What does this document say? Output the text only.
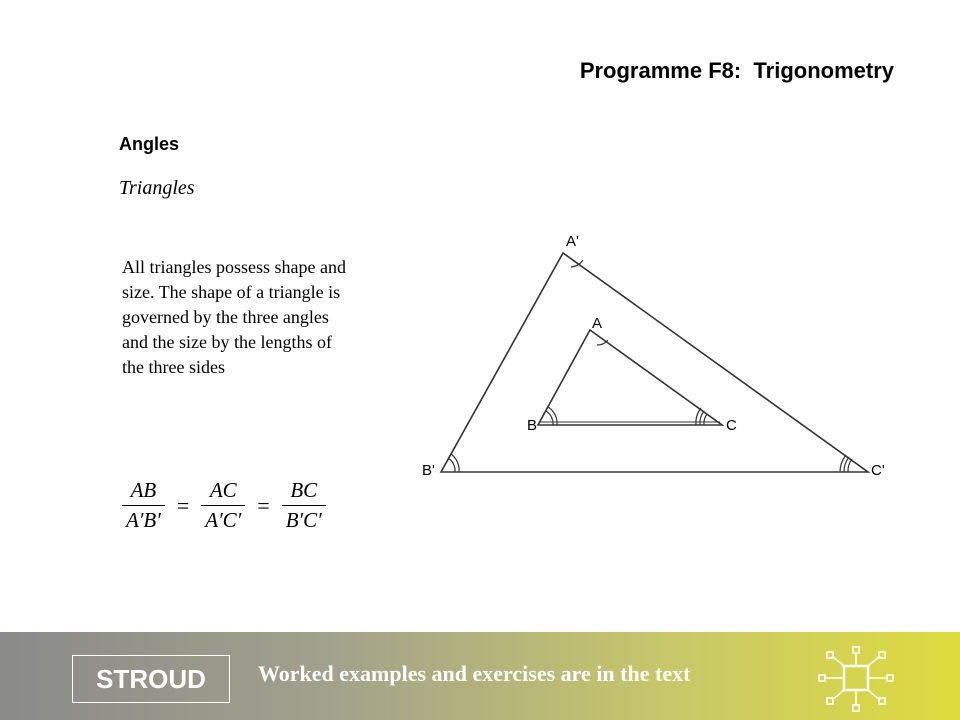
Programme F8:  Trigonometry
Angles
Triangles
All triangles possess shape and size. The shape of a triangle is governed by the three angles and the size by the lengths of the three sides
$\frac{AB}{A'B'} = \frac{AC}{A'C'} = \frac{BC}{B'C'}$
A'
B'	C'
A
B	C
STROUD	Worked examples and exercises are in the text
